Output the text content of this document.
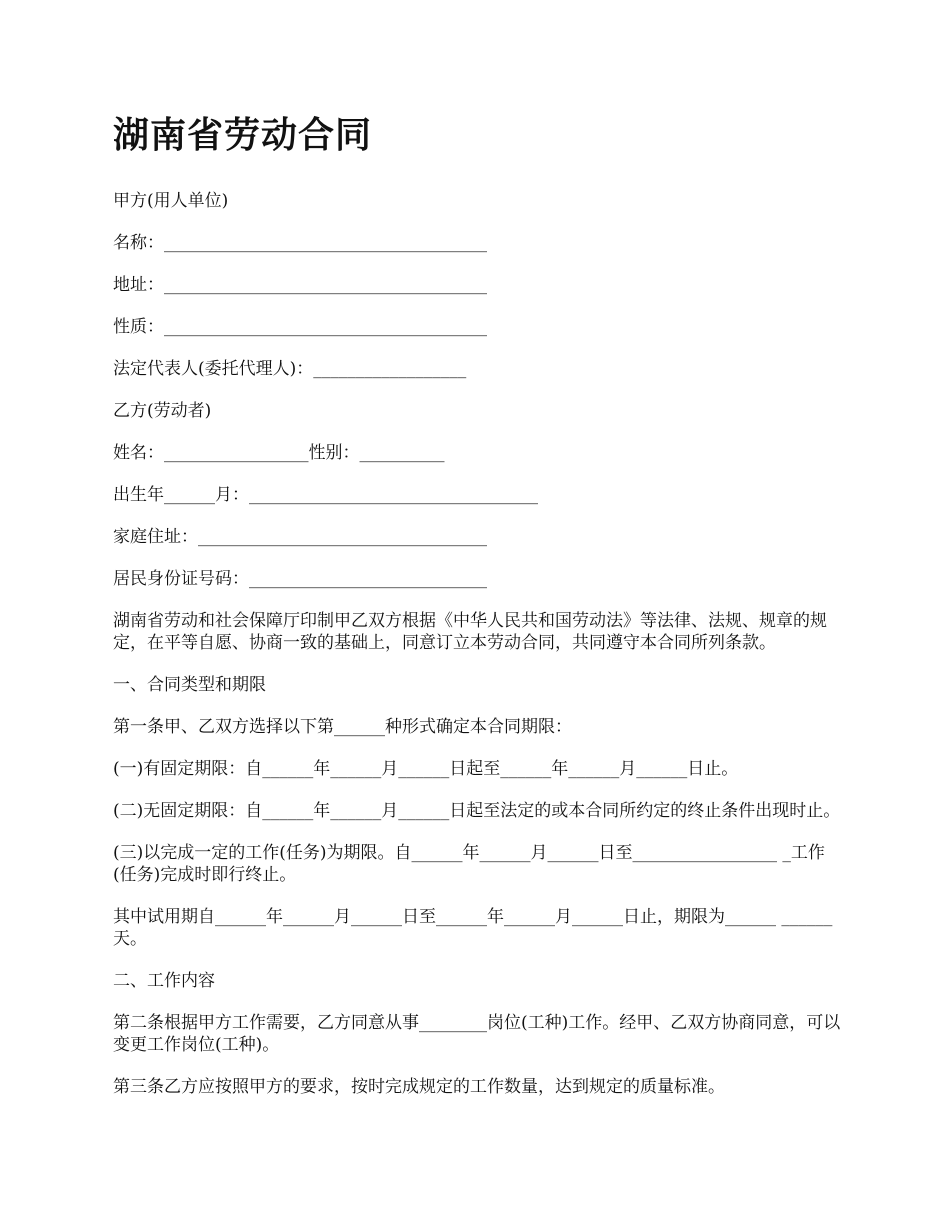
湖南省劳动合同

甲方(用人单位)

名称：______________________________________

地址：______________________________________

性质：______________________________________

法定代表人(委托代理人)：__________________

乙方(劳动者)

姓名：_________________性别：__________

出生年______月：__________________________________

家庭住址：__________________________________

居民身份证号码：____________________________

湖南省劳动和社会保障厅印制甲乙双方根据《中华人民共和国劳动法》等法律、法规、规章的规定，在平等自愿、协商一致的基础上，同意订立本劳动合同，共同遵守本合同所列条款。

一、合同类型和期限

第一条甲、乙双方选择以下第______种形式确定本合同期限：

(一)有固定期限：自______年______月______日起至______年______月______日止。

(二)无固定期限：自______年______月______日起至法定的或本合同所约定的终止条件出现时止。

(三)以完成一定的工作(任务)为期限。自______年______月______日至_________________ _工作(任务)完成时即行终止。

其中试用期自______年______月______日至______年______月______日止，期限为______ ______天。

二、工作内容

第二条根据甲方工作需要，乙方同意从事________岗位(工种)工作。经甲、乙双方协商同意，可以变更工作岗位(工种)。

第三条乙方应按照甲方的要求，按时完成规定的工作数量，达到规定的质量标准。
